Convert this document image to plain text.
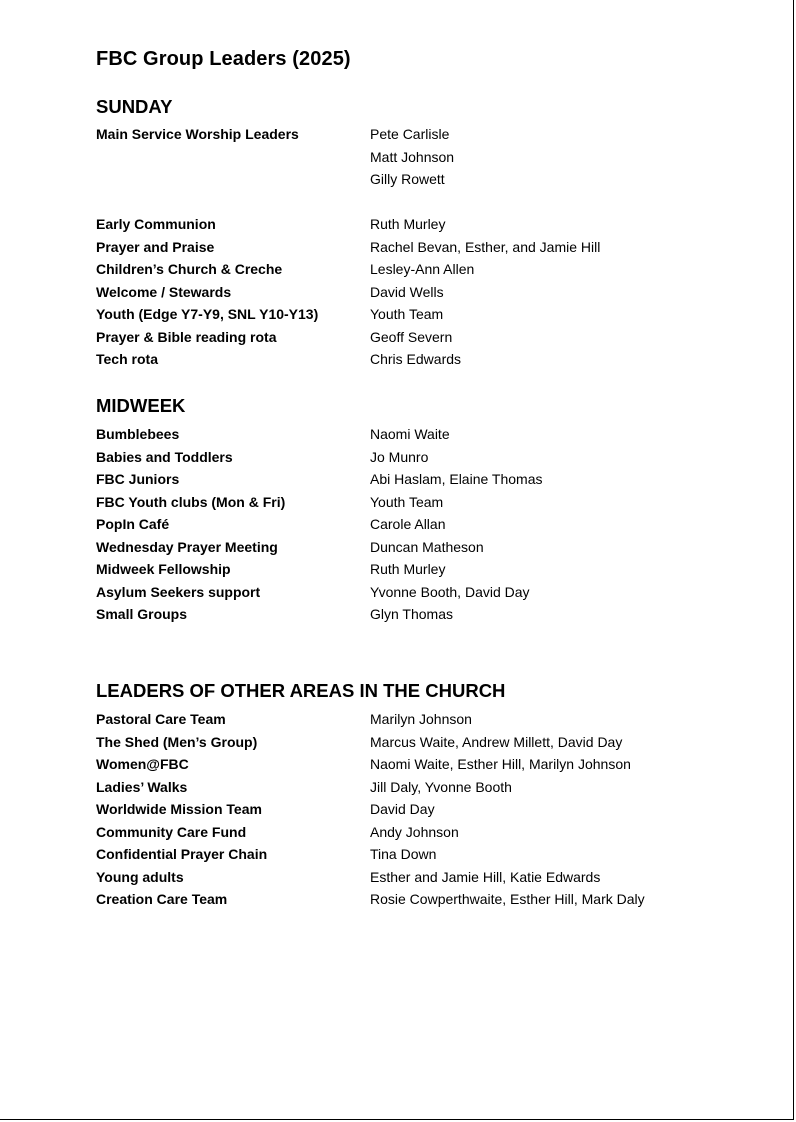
FBC Group Leaders (2025)
SUNDAY
Main Service Worship Leaders	Pete Carlisle
Matt Johnson
Gilly Rowett
Early Communion	Ruth Murley
Prayer and Praise	Rachel Bevan, Esther, and Jamie Hill
Children’s Church & Creche	Lesley-Ann Allen
Welcome / Stewards	David Wells
Youth (Edge Y7-Y9, SNL Y10-Y13)	Youth Team
Prayer & Bible reading rota	Geoff Severn
Tech rota	Chris Edwards
MIDWEEK
Bumblebees	Naomi Waite
Babies and Toddlers	Jo Munro
FBC Juniors	Abi Haslam, Elaine Thomas
FBC Youth clubs (Mon & Fri)	Youth Team
PopIn Café	Carole Allan
Wednesday Prayer Meeting	Duncan Matheson
Midweek Fellowship	Ruth Murley
Asylum Seekers support	Yvonne Booth, David Day
Small Groups	Glyn Thomas
LEADERS OF OTHER AREAS IN THE CHURCH
Pastoral Care Team	Marilyn Johnson
The Shed (Men’s Group)	Marcus Waite, Andrew Millett, David Day
Women@FBC	Naomi Waite, Esther Hill, Marilyn Johnson
Ladies’ Walks	Jill Daly, Yvonne Booth
Worldwide Mission Team	David Day
Community Care Fund	Andy Johnson
Confidential Prayer Chain	Tina Down
Young adults	Esther and Jamie Hill, Katie Edwards
Creation Care Team	Rosie Cowperthwaite, Esther Hill, Mark Daly
